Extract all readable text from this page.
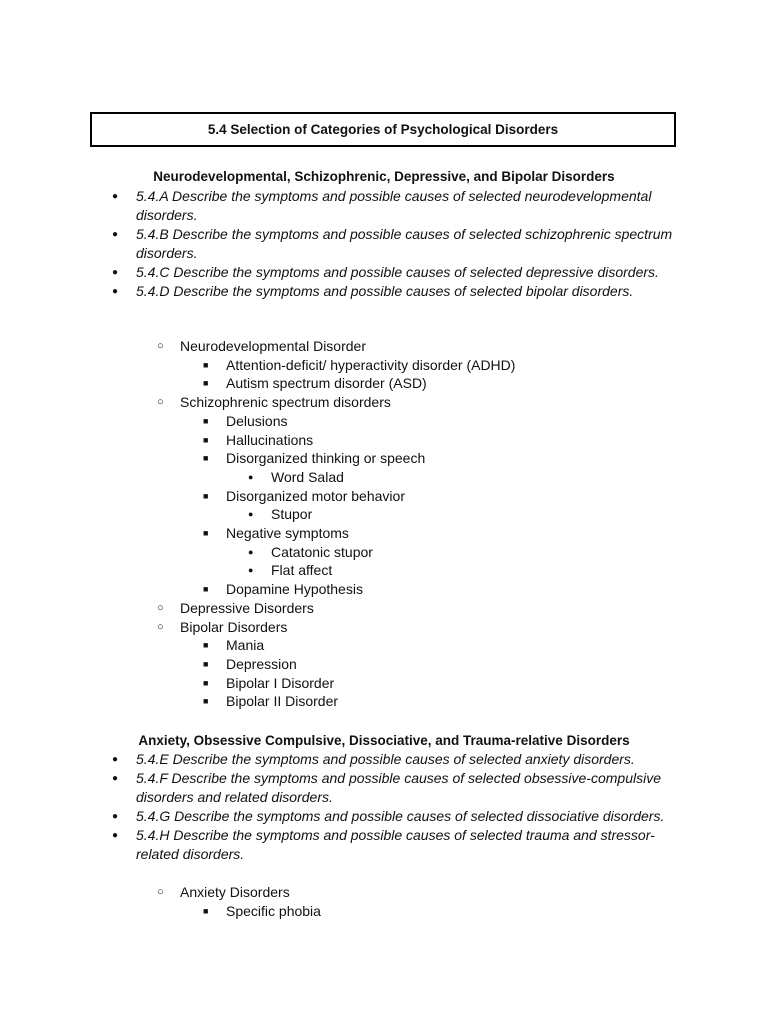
5.4 Selection of Categories of Psychological Disorders
Neurodevelopmental, Schizophrenic, Depressive, and Bipolar Disorders
● 5.4.A Describe the symptoms and possible causes of selected neurodevelopmental disorders.
● 5.4.B Describe the symptoms and possible causes of selected schizophrenic spectrum disorders.
● 5.4.C Describe the symptoms and possible causes of selected depressive disorders.
● 5.4.D Describe the symptoms and possible causes of selected bipolar disorders.
○ Neurodevelopmental Disorder
■ Attention-deficit/ hyperactivity disorder (ADHD)
■ Autism spectrum disorder (ASD)
○ Schizophrenic spectrum disorders
■ Delusions
■ Hallucinations
■ Disorganized thinking or speech
● Word Salad
■ Disorganized motor behavior
● Stupor
■ Negative symptoms
● Catatonic stupor
● Flat affect
■ Dopamine Hypothesis
○ Depressive Disorders
○ Bipolar Disorders
■ Mania
■ Depression
■ Bipolar I Disorder
■ Bipolar II Disorder
Anxiety, Obsessive Compulsive, Dissociative, and Trauma-relative Disorders
● 5.4.E Describe the symptoms and possible causes of selected anxiety disorders.
● 5.4.F Describe the symptoms and possible causes of selected obsessive-compulsive disorders and related disorders.
● 5.4.G Describe the symptoms and possible causes of selected dissociative disorders.
● 5.4.H Describe the symptoms and possible causes of selected trauma and stressor-related disorders.
○ Anxiety Disorders
■ Specific phobia
